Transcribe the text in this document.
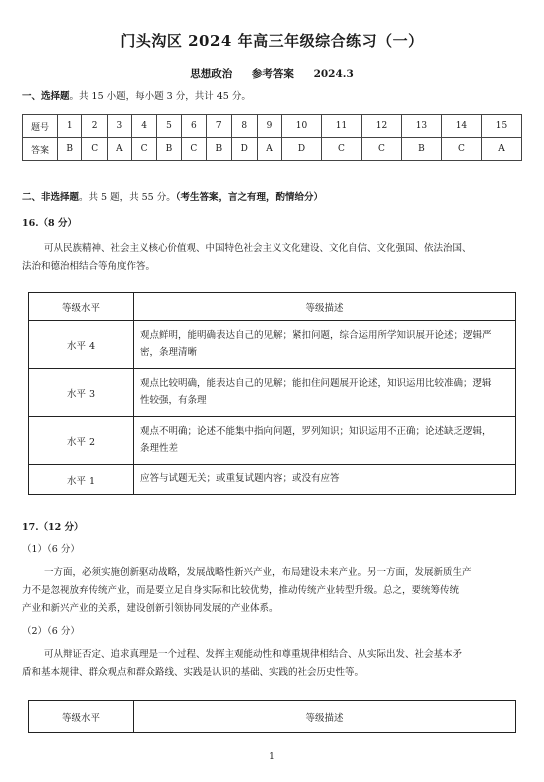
门头沟区 2024 年高三年级综合练习（一）
思想政治 参考答案 2024.3
一、选择题。共 15 小题，每小题 3 分，共计 45 分。
题号	1	2	3	4	5	6	7	8	9	10	11	12	13	14	15
答案	B	C	A	C	B	C	B	D	A	D	C	C	B	C	A
二、非选择题。共 5 题，共 55 分。（考生答案，言之有理，酌情给分）
16.（8 分）
可从民族精神、社会主义核心价值观、中国特色社会主义文化建设、文化自信、文化强国、依法治国、
法治和德治相结合等角度作答。
等级水平	等级描述
水平 4	观点鲜明，能明确表达自己的见解；紧扣问题，综合运用所学知识展开论述；逻辑严
密，条理清晰

水平 3	观点比较明确，能表达自己的见解；能扣住问题展开论述，知识运用比较准确；逻辑
性较强，有条理

水平 2	观点不明确；论述不能集中指向问题，罗列知识；知识运用不正确；论述缺乏逻辑，
条理性差

水平 1	应答与试题无关；或重复试题内容；或没有应答
17.（12 分）
（1）（6 分）
一方面，必须实施创新驱动战略，发展战略性新兴产业，布局建设未来产业。另一方面，发展新质生产
力不是忽视放弃传统产业，而是要立足自身实际和比较优势，推动传统产业转型升级。总之，要统筹传统
产业和新兴产业的关系，建设创新引领协同发展的产业体系。
（2）（6 分）
可从辩证否定、追求真理是一个过程、发挥主观能动性和尊重规律相结合、从实际出发、社会基本矛
盾和基本规律、群众观点和群众路线、实践是认识的基础、实践的社会历史性等。
等级水平	等级描述
1
